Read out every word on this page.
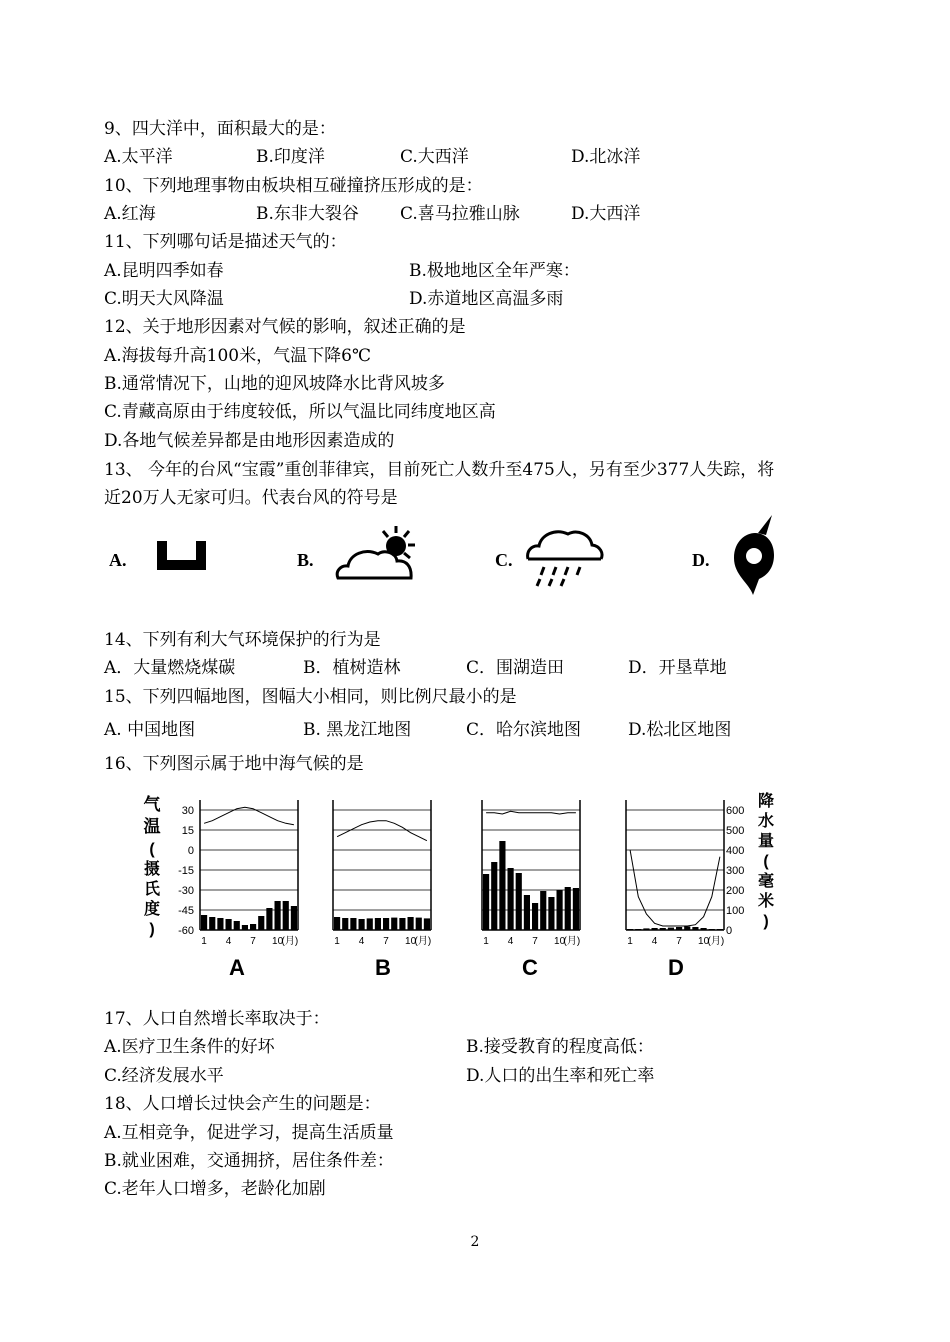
9、四大洋中，面积最大的是：
A.太平洋	B.印度洋	C.大西洋	D.北冰洋
10、下列地理事物由板块相互碰撞挤压形成的是：
A.红海	B.东非大裂谷 C.喜马拉雅山脉	D.大西洋
11、下列哪句话是描述天气的：
A.昆明四季如春	B.极地地区全年严寒：
C.明天大风降温	D.赤道地区高温多雨
12、关于地形因素对气候的影响，叙述正确的是
A.海拔每升高100米，气温下降6℃
B.通常情况下，山地的迎风坡降水比背风坡多
C.青藏高原由于纬度较低，所以气温比同纬度地区高
D.各地气候差异都是由地形因素造成的
13、 今年的台风“宝霞”重创菲律宾，目前死亡人数升至475人，另有至少377人失踪，将
近20万人无家可归。代表台风的符号是
A.	B.	C.	D.
14、下列有利大气环境保护的行为是
A．大量燃烧煤碳	B．植树造林	C．围湖造田	D．开垦草地
15、下列四幅地图，图幅大小相同，则比例尺最小的是
A. 中国地图	B. 黑龙江地图	C．哈尔滨地图	D.松北区地图
16、下列图示属于地中海气候的是
气
温
(
摄
氏
度
)
降
水
量
(
毫
米
)
30
15
0
-15
-30
-45
-60
600
500
400
300
200
100
0
1 4 7 10
(月)	1 4 7 10
(月)	1 4 7 10
(月)	1 4 7 10
(月)
A	B	C	D
17、人口自然增长率取决于：
A.医疗卫生条件的好坏	B.接受教育的程度高低：
C.经济发展水平	D.人口的出生率和死亡率
18、人口增长过快会产生的问题是：
A.互相竞争，促进学习，提高生活质量
B.就业困难，交通拥挤，居住条件差：
C.老年人口增多，老龄化加剧
2
